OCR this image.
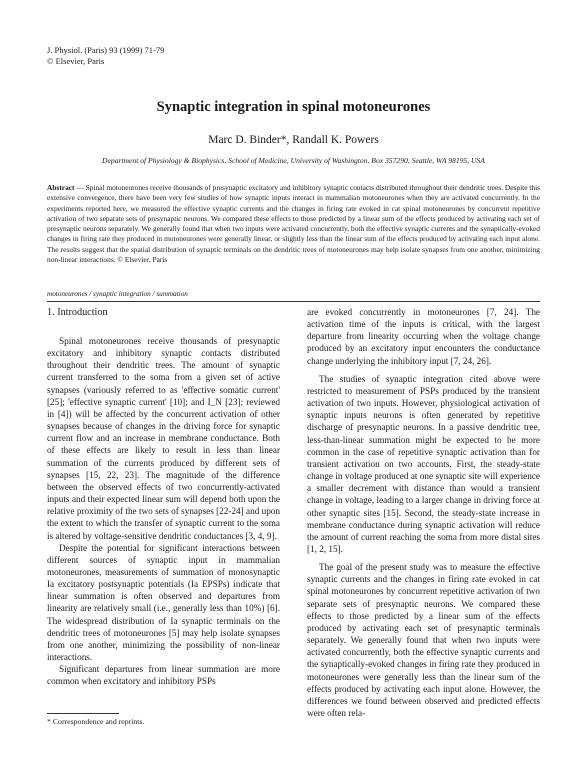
J. Physiol. (Paris) 93 (1999) 71-79
© Elsevier, Paris
Synaptic integration in spinal motoneurones
Marc D. Binder*, Randall K. Powers
Department of Physiology & Biophysics, School of Medicine, University of Washington, Box 357290, Seattle, WA 98195, USA
Abstract — Spinal motoneurones receive thousands of presynaptic excitatory and inhibitory synaptic contacts distributed throughout their dendritic trees. Despite this extensive convergence, there have been very few studies of how synaptic inputs interact in mammalian motoneurones when they are activated concurrently. In the experiments reported here, we measured the effective synaptic currents and the changes in firing rate evoked in cat spinal motoneurones by concurrent repetitive activation of two separate sets of presynaptic neurons. We compared these effects to those predicted by a linear sum of the effects produced by activating each set of presynaptic neurons separately. We generally found that when two inputs were activated concurrently, both the effective synaptic currents and the synaptically-evoked changes in firing rate they produced in motoneurones were generally linear, or slightly less than the linear sum of the effects produced by activating each input alone. The results suggest that the spatial distribution of synaptic terminals on the dendritic trees of motoneurones may help isolate synapses from one another, minimizing non-linear interactions. © Elsevier, Paris
motoneurones / synaptic integration / summation
1. Introduction

Spinal motoneurones receive thousands of presynaptic excitatory and inhibitory synaptic contacts distributed throughout their dendritic trees. The amount of synaptic current transferred to the soma from a given set of active synapses (variously referred to as 'effective somatic current' [25]; 'effective synaptic current' [10]; and I_N [23]; reviewed in [4]) will be affected by the concurrent activation of other synapses because of changes in the driving force for synaptic current flow and an increase in membrane conductance. Both of these effects are likely to result in less than linear summation of the currents produced by different sets of synapses [15, 22, 23]. The magnitude of the difference between the observed effects of two concurrently-activated inputs and their expected linear sum will depend both upon the relative proximity of the two sets of synapses [22-24] and upon the extent to which the transfer of synaptic current to the soma is altered by voltage-sensitive dendritic conductances [3, 4, 9].

Despite the potential for significant interactions between different sources of synaptic input in mammalian motoneurones, measurements of summation of monosynaptic Ia excitatory postsynaptic potentials (Ia EPSPs) indicate that linear summation is often observed and departures from linearity are relatively small (i.e., generally less than 10%) [6]. The widespread distribution of Ia synaptic terminals on the dendritic trees of motoneurones [5] may help isolate synapses from one another, minimizing the possibility of non-linear interactions.

Significant departures from linear summation are more common when excitatory and inhibitory PSPs

are evoked concurrently in motoneurones [7, 24]. The activation time of the inputs is critical, with the largest departure from linearity occurring when the voltage change produced by an excitatory input encounters the conductance change underlying the inhibitory input [7, 24, 26].

The studies of synaptic integration cited above were restricted to measurement of PSPs produced by the transient activation of two inputs. However, physiological activation of synaptic inputs neurons is often generated by repetitive discharge of presynaptic neurons. In a passive dendritic tree, less-than-linear summation might be expected to be more common in the case of repetitive synaptic activation than for transient activation on two accounts. First, the steady-state change in voltage produced at one synaptic site will experience a smaller decrement with distance than would a transient change in voltage, leading to a larger change in driving force at other synaptic sites [15]. Second, the steady-state increase in membrane conductance during synaptic activation will reduce the amount of current reaching the soma from more distal sites [1, 2, 15].

The goal of the present study was to measure the effective synaptic currents and the changes in firing rate evoked in cat spinal motoneurones by concurrent repetitive activation of two separate sets of presynaptic neurons. We compared these effects to those predicted by a linear sum of the effects produced by activating each set of presynaptic terminals separately. We generally found that when two inputs were activated concurrently, both the effective synaptic currents and the synaptically-evoked changes in firing rate they produced in motoneurones were generally less than the linear sum of the effects produced by activating each input alone. However, the differences we found between observed and predicted effects were often rela-

* Correspondence and reprints.
